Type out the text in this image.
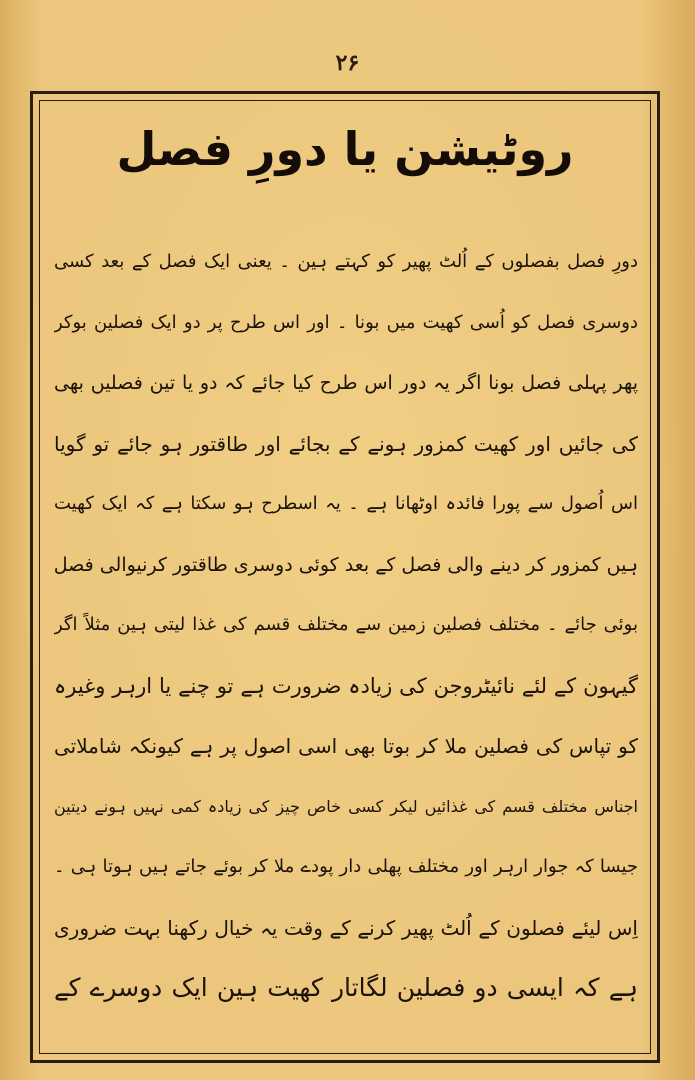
۲۶
روٹیشن یا دورِ فصل
دورِ فصل بفصلوں کے اُلٹ پھیر کو کہتے ہین ۔ یعنی ایک فصل کے بعد کسی
دوسری فصل کو اُسی کھیت میں بونا ۔ اور اس طرح پر دو ایک فصلین بوکر
پھر پہلی فصل بونا اگر یہ دور اس طرح کیا جائے کہ دو یا تین فصلیں بھی
کی جائیں اور کھیت کمزور ہونے کے بجائے اور طاقتور ہو جائے تو گویا
اس اُصول سے پورا فائدہ اوٹھانا ہے ۔ یہ اسطرح ہو سکتا ہے کہ ایک کھیت
ہیں کمزور کر دینے والی فصل کے بعد کوئی دوسری طاقتور کرنیوالی فصل
بوئی جائے ۔ مختلف فصلین زمین سے مختلف قسم کی غذا لیتی ہین مثلاً اگر
گیہون کے لئے نائیٹروجن کی زیادہ ضرورت ہے تو چنے یا ارہر وغیرہ
کو تپاس کی فصلین ملا کر بوتا بھی اسی اصول پر ہے کیونکہ شاملاتی
اجناس مختلف قسم کی غذائیں لیکر کسی خاص چیز کی زیادہ کمی نہیں ہونے دیتین
جیسا کہ جوار ارہر اور مختلف پھلی دار پودے ملا کر بوئے جاتے ہیں ہوتا ہی ۔
اِس لیئے فصلون کے اُلٹ پھیر کرنے کے وقت یہ خیال رکھنا بہت ضروری
ہے کہ ایسی دو فصلین لگاتار کھیت ہین ایک دوسرے کے
